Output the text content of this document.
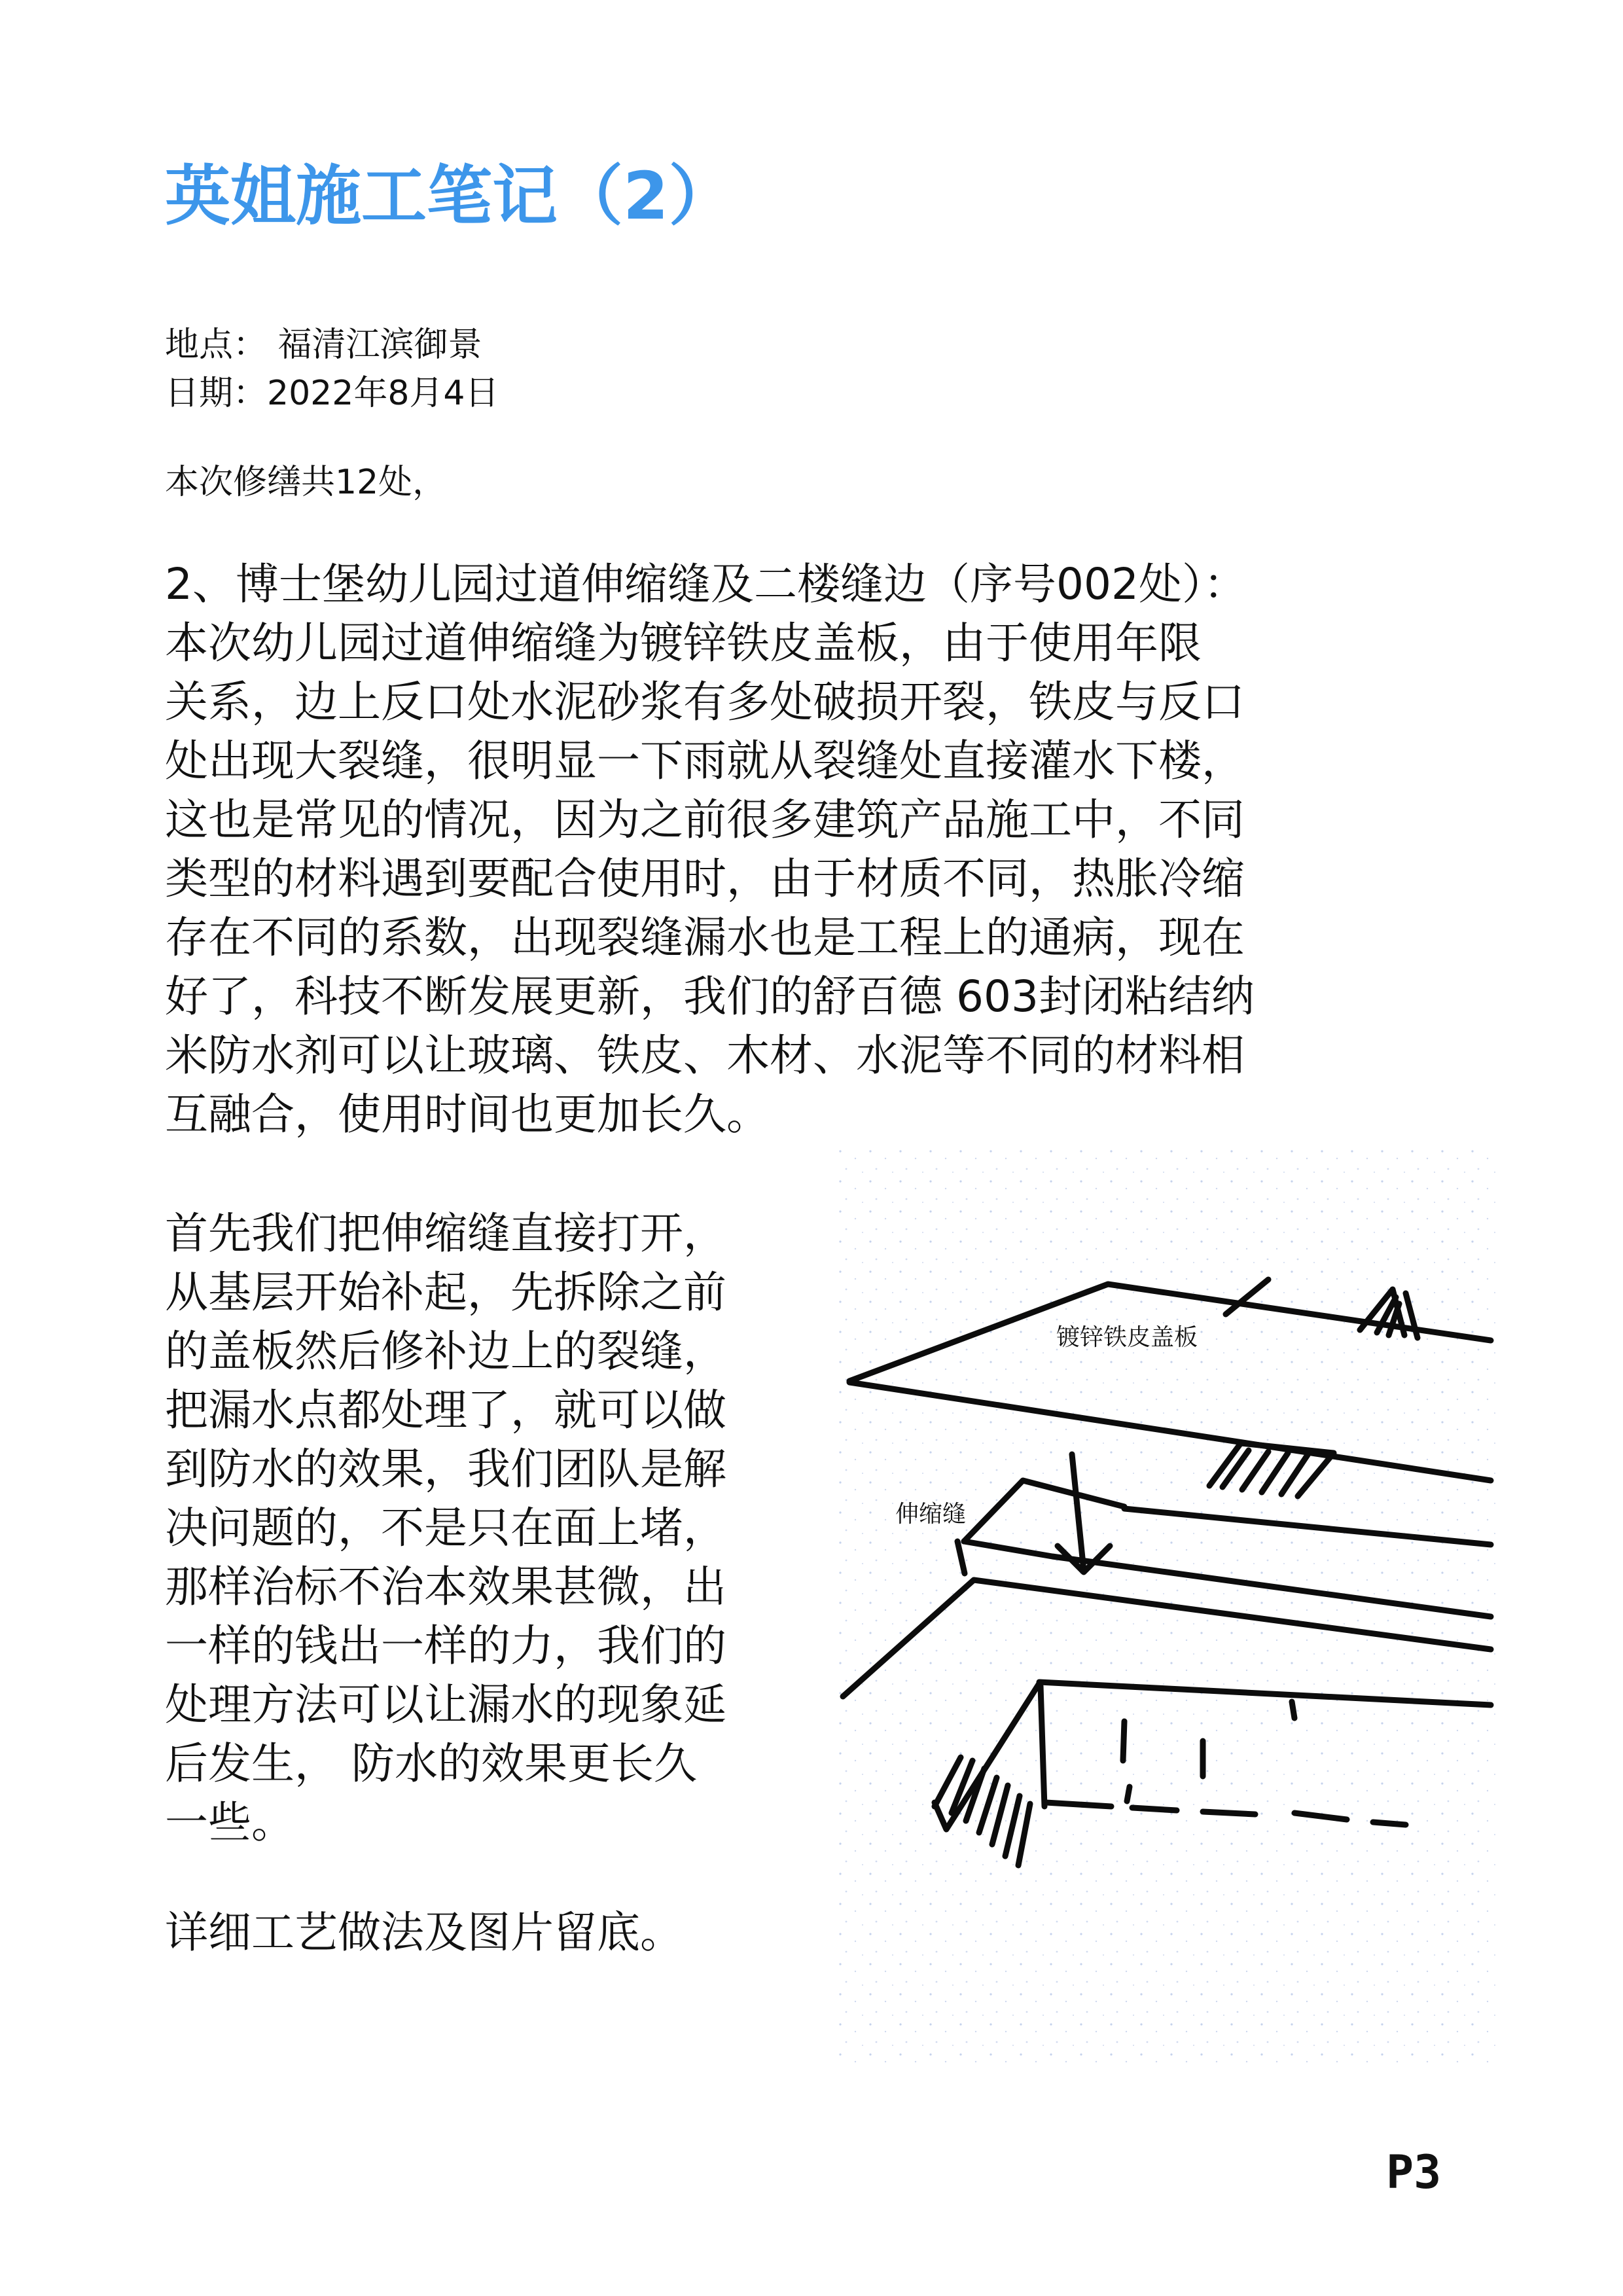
英姐施工笔记（2）
地点： 福清江滨御景
日期：2022年8月4日
本次修缮共12处，
2、博士堡幼儿园过道伸缩缝及二楼缝边（序号002处）：
本次幼儿园过道伸缩缝为镀锌铁皮盖板，由于使用年限
关系，边上反口处水泥砂浆有多处破损开裂，铁皮与反口
处出现大裂缝，很明显一下雨就从裂缝处直接灌水下楼，
这也是常见的情况，因为之前很多建筑产品施工中，不同
类型的材料遇到要配合使用时，由于材质不同，热胀冷缩
存在不同的系数，出现裂缝漏水也是工程上的通病，现在
好了，科技不断发展更新，我们的舒百德 603封闭粘结纳
米防水剂可以让玻璃、铁皮、木材、水泥等不同的材料相
互融合，使用时间也更加长久。
首先我们把伸缩缝直接打开，
从基层开始补起，先拆除之前
的盖板然后修补边上的裂缝，
把漏水点都处理了，就可以做
到防水的效果，我们团队是解
决问题的，不是只在面上堵，
那样治标不治本效果甚微，出
一样的钱出一样的力，我们的
处理方法可以让漏水的现象延
后发生， 防水的效果更长久
一些。
详细工艺做法及图片留底。
镀锌铁皮盖板
伸缩缝
P3
